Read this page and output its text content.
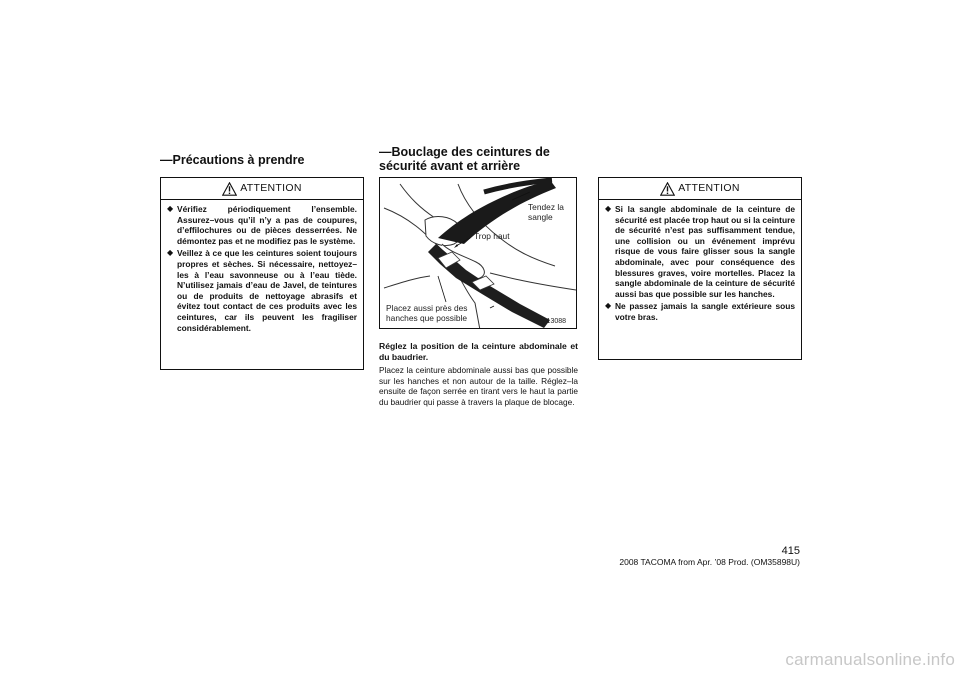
—Précautions à prendre
ATTENTION
◆ Vérifiez périodiquement l’ensemble. Assurez–vous qu’il n’y a pas de coupures, d’effilochures ou de pièces desserrées. Ne démontez pas et ne modifiez pas le système.
◆ Veillez à ce que les ceintures soient toujours propres et sèches. Si nécessaire, nettoyez–les à l’eau savonneuse ou à l’eau tiède. N’utilisez jamais d’eau de Javel, de teintures ou de produits de nettoyage abrasifs et évitez tout contact de ces produits avec les ceintures, car ils peuvent les fragiliser considérablement.
—Bouclage des ceintures de
sécurité avant et arrière
Tendez la sangle
Trop haut
Placez aussi près des hanches que possible	LS13088

Réglez la position de la ceinture abdominale et du baudrier.

Placez la ceinture abdominale aussi bas que possible sur les hanches et non autour de la taille. Réglez–la ensuite de façon serrée en tirant vers le haut la partie du baudrier qui passe à travers la plaque de blocage.

ATTENTION
◆ Si la sangle abdominale de la ceinture de sécurité est placée trop haut ou si la ceinture de sécurité n’est pas suffisamment tendue, une collision ou un événement imprévu risque de vous faire glisser sous la sangle abdominale, avec pour conséquence des blessures graves, voire mortelles. Placez la sangle abdominale de la ceinture de sécurité aussi bas que possible sur les hanches.
◆ Ne passez jamais la sangle extérieure sous votre bras.
415
2008 TACOMA from Apr. ’08 Prod. (OM35898U)
carmanualsonline.info
